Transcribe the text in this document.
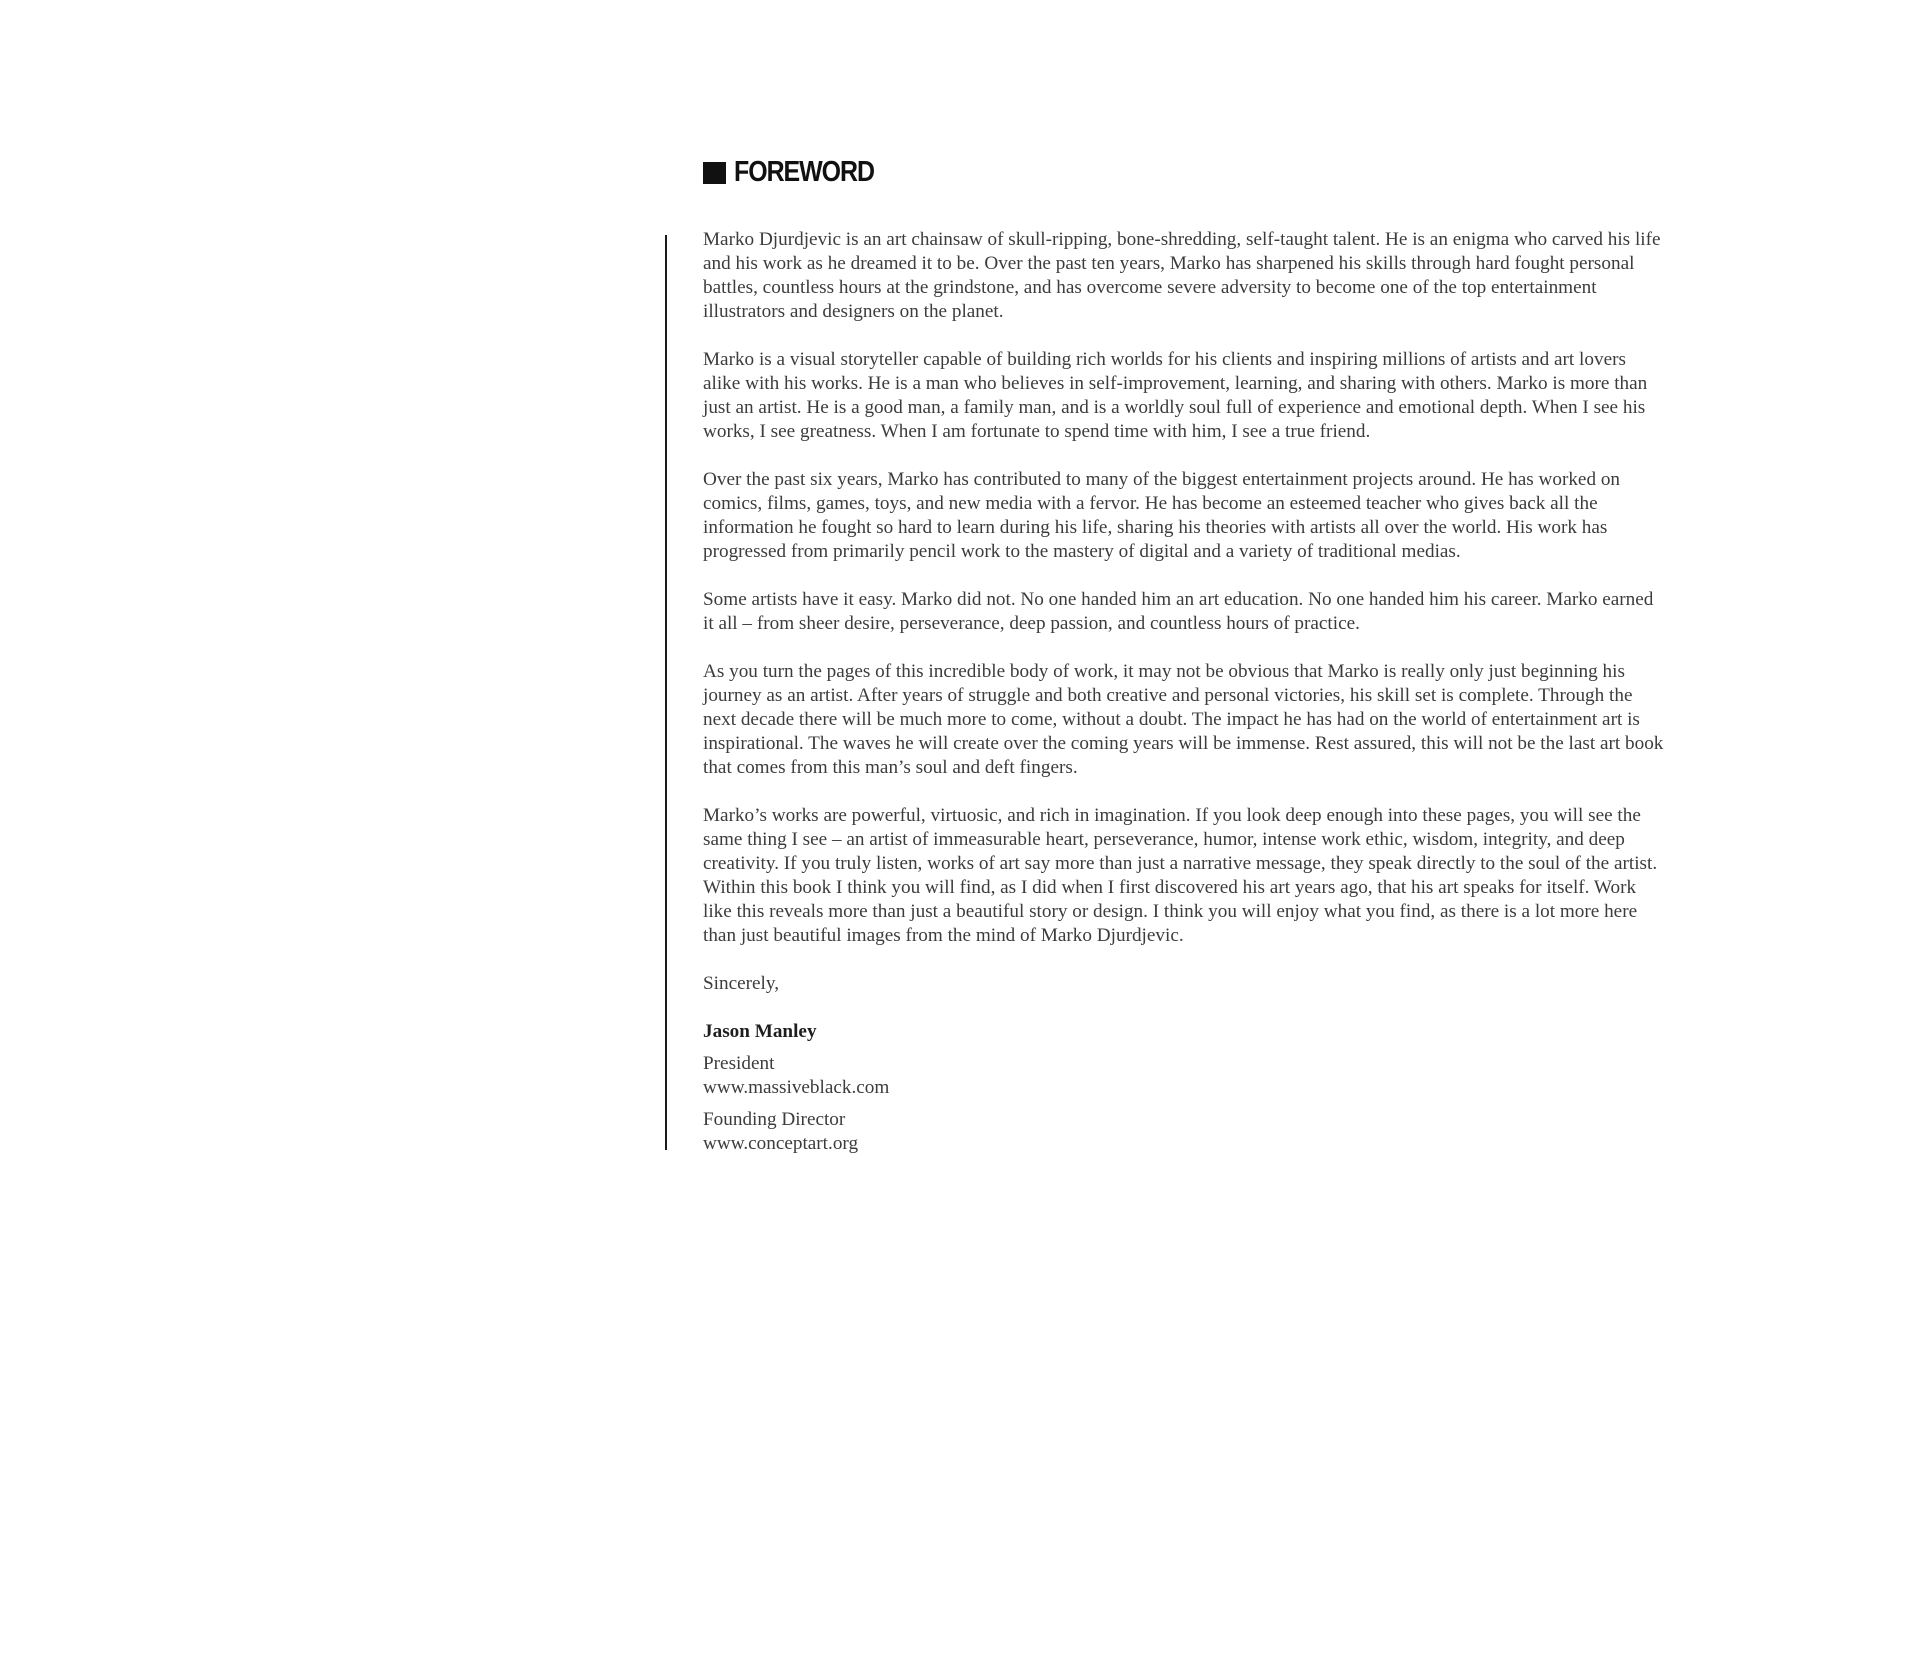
FOREWORD

Marko Djurdjevic is an art chainsaw of skull-ripping, bone-shredding, self-taught talent. He is an enigma who carved his life and his work as he dreamed it to be. Over the past ten years, Marko has sharpened his skills through hard fought personal battles, countless hours at the grindstone, and has overcome severe adversity to become one of the top entertainment illustrators and designers on the planet.

Marko is a visual storyteller capable of building rich worlds for his clients and inspiring millions of artists and art lovers alike with his works. He is a man who believes in self-improvement, learning, and sharing with others. Marko is more than just an artist. He is a good man, a family man, and is a worldly soul full of experience and emotional depth. When I see his works, I see greatness. When I am fortunate to spend time with him, I see a true friend.

Over the past six years, Marko has contributed to many of the biggest entertainment projects around. He has worked on comics, films, games, toys, and new media with a fervor. He has become an esteemed teacher who gives back all the information he fought so hard to learn during his life, sharing his theories with artists all over the world. His work has progressed from primarily pencil work to the mastery of digital and a variety of traditional medias.

Some artists have it easy. Marko did not. No one handed him an art education. No one handed him his career. Marko earned it all – from sheer desire, perseverance, deep passion, and countless hours of practice.

As you turn the pages of this incredible body of work, it may not be obvious that Marko is really only just beginning his journey as an artist. After years of struggle and both creative and personal victories, his skill set is complete. Through the next decade there will be much more to come, without a doubt. The impact he has had on the world of entertainment art is inspirational. The waves he will create over the coming years will be immense. Rest assured, this will not be the last art book that comes from this man’s soul and deft fingers.

Marko’s works are powerful, virtuosic, and rich in imagination. If you look deep enough into these pages, you will see the same thing I see – an artist of immeasurable heart, perseverance, humor, intense work ethic, wisdom, integrity, and deep creativity. If you truly listen, works of art say more than just a narrative message, they speak directly to the soul of the artist. Within this book I think you will find, as I did when I first discovered his art years ago, that his art speaks for itself. Work like this reveals more than just a beautiful story or design. I think you will enjoy what you find, as there is a lot more here than just beautiful images from the mind of Marko Djurdjevic.

Sincerely,

Jason Manley

President
www.massiveblack.com
Founding Director
www.conceptart.org
